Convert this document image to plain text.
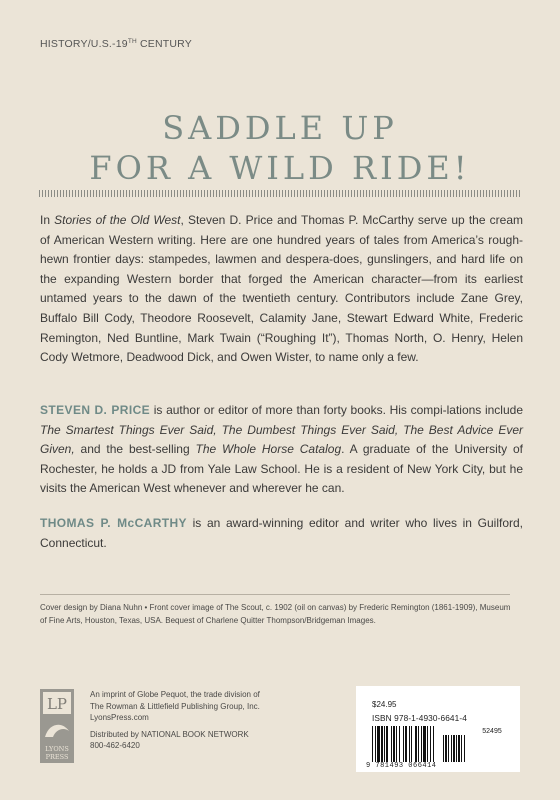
HISTORY/U.S.-19TH CENTURY
SADDLE UP
FOR A WILD RIDE!

In Stories of the Old West, Steven D. Price and Thomas P. McCarthy serve up the cream of American Western writing. Here are one hundred years of tales from America’s rough-hewn frontier days: stampedes, lawmen and despera-does, gunslingers, and hard life on the expanding Western border that forged the American character—from its earliest untamed years to the dawn of the twentieth century. Contributors include Zane Grey, Buffalo Bill Cody, Theodore Roosevelt, Calamity Jane, Stewart Edward White, Frederic Remington, Ned Buntline, Mark Twain (“Roughing It”), Thomas North, O. Henry, Helen Cody Wetmore, Deadwood Dick, and Owen Wister, to name only a few.

STEVEN D. PRICE is author or editor of more than forty books. His compi-lations include The Smartest Things Ever Said, The Dumbest Things Ever Said, The Best Advice Ever Given, and the best-selling The Whole Horse Catalog. A graduate of the University of Rochester, he holds a JD from Yale Law School. He is a resident of New York City, but he visits the American West whenever and wherever he can.

THOMAS P. McCARTHY is an award-winning editor and writer who lives in Guilford, Connecticut.

Cover design by Diana Nuhn • Front cover image of The Scout, c. 1902 (oil on canvas) by Frederic Remington (1861-1909), Museum of Fine Arts, Houston, Texas, USA. Bequest of Charlene Quitter Thompson/Bridgeman Images.
LP
LYONS
PRESS
An imprint of Globe Pequot, the trade division of
The Rowman & Littlefield Publishing Group, Inc.
LyonsPress.com
Distributed by NATIONAL BOOK NETWORK
800-462-6420
$24.95
ISBN 978-1-4930-6641-4
52495
9 781493 066414
